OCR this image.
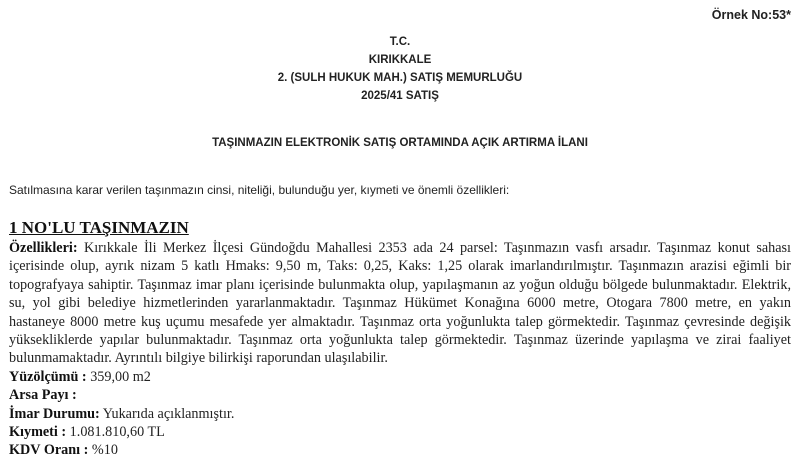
Örnek No:53*
T.C.
KIRIKKALE
2. (SULH HUKUK MAH.) SATIŞ MEMURLUĞU
2025/41 SATIŞ
TAŞINMAZIN ELEKTRONİK SATIŞ ORTAMINDA AÇIK ARTIRMA İLANI
Satılmasına karar verilen taşınmazın cinsi, niteliği, bulunduğu yer, kıymeti ve önemli özellikleri:
1 NO'LU TAŞINMAZIN

Özellikleri: Kırıkkale İli Merkez İlçesi Gündoğdu Mahallesi 2353 ada 24 parsel: Taşınmazın vasfı arsadır. Taşınmaz konut sahası içerisinde olup, ayrık nizam 5 katlı Hmaks: 9,50 m, Taks: 0,25, Kaks: 1,25 olarak imarlandırılmıştır. Taşınmazın arazisi eğimli bir topografyaya sahiptir. Taşınmaz imar planı içerisinde bulunmakta olup, yapılaşmanın az yoğun olduğu bölgede bulunmaktadır. Elektrik, su, yol gibi belediye hizmetlerinden yararlanmaktadır. Taşınmaz Hükümet Konağına 6000 metre, Otogara 7800 metre, en yakın hastaneye 8000 metre kuş uçumu mesafede yer almaktadır. Taşınmaz orta yoğunlukta talep görmektedir. Taşınmaz çevresinde değişik yüksekliklerde yapılar bulunmaktadır. Taşınmaz orta yoğunlukta talep görmektedir. Taşınmaz üzerinde yapılaşma ve zirai faaliyet bulunmamaktadır. Ayrıntılı bilgiye bilirkişi raporundan ulaşılabilir.

Yüzölçümü : 359,00 m2

Arsa Payı :

İmar Durumu: Yukarıda açıklanmıştır.

Kıymeti : 1.081.810,60 TL

KDV Oranı : %10
